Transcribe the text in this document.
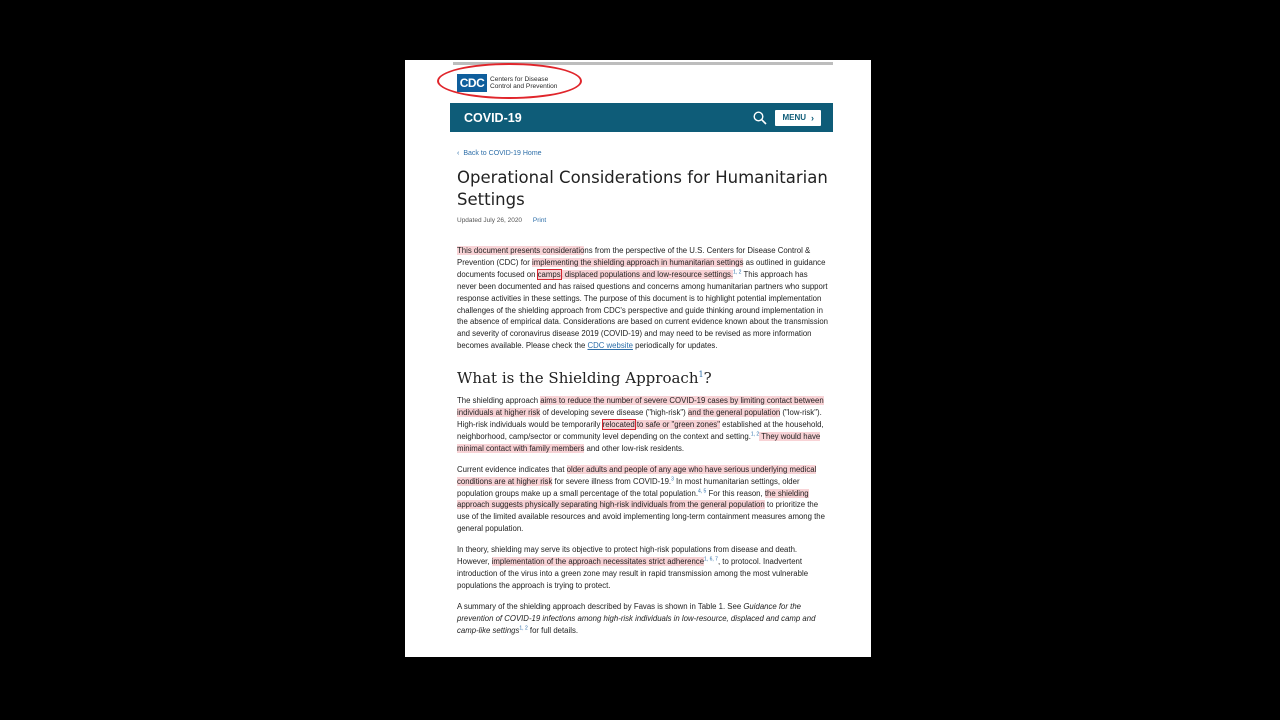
CDC Centers for Disease
Control and Prevention
COVID-19	MENU ›
‹ Back to COVID-19 Home
Operational Considerations for Humanitarian Settings
Updated July 26, 2020 Print

This document presents considerations from the perspective of the U.S. Centers for Disease Control & Prevention (CDC) for implementing the shielding approach in humanitarian settings as outlined in guidance documents focused on camps, displaced populations and low-resource settings.$^{1, 2}$ This approach has never been documented and has raised questions and concerns among humanitarian partners who support response activities in these settings. The purpose of this document is to highlight potential implementation challenges of the shielding approach from CDC's perspective and guide thinking around implementation in the absence of empirical data. Considerations are based on current evidence known about the transmission and severity of coronavirus disease 2019 (COVID-19) and may need to be revised as more information becomes available. Please check the CDC website periodically for updates.

What is the Shielding Approach$^1$?

The shielding approach aims to reduce the number of severe COVID-19 cases by limiting contact between individuals at higher risk of developing severe disease ("high-risk") and the general population ("low-risk"). High-risk individuals would be temporarily relocated to safe or "green zones" established at the household, neighborhood, camp/sector or community level depending on the context and setting.$^{1, 2}$ They would have minimal contact with family members and other low-risk residents.

Current evidence indicates that older adults and people of any age who have serious underlying medical conditions are at higher risk for severe illness from COVID-19.$^3$ In most humanitarian settings, older population groups make up a small percentage of the total population.$^{4, 5}$ For this reason, the shielding approach suggests physically separating high-risk individuals from the general population to prioritize the use of the limited available resources and avoid implementing long-term containment measures among the general population.

In theory, shielding may serve its objective to protect high-risk populations from disease and death. However, implementation of the approach necessitates strict adherence$^{1, 6, 7}$, to protocol. Inadvertent introduction of the virus into a green zone may result in rapid transmission among the most vulnerable populations the approach is trying to protect.

A summary of the shielding approach described by Favas is shown in Table 1. See Guidance for the prevention of COVID-19 infections among high-risk individuals in low-resource, displaced and camp and camp-like settings$^{1, 2}$ for full details.
